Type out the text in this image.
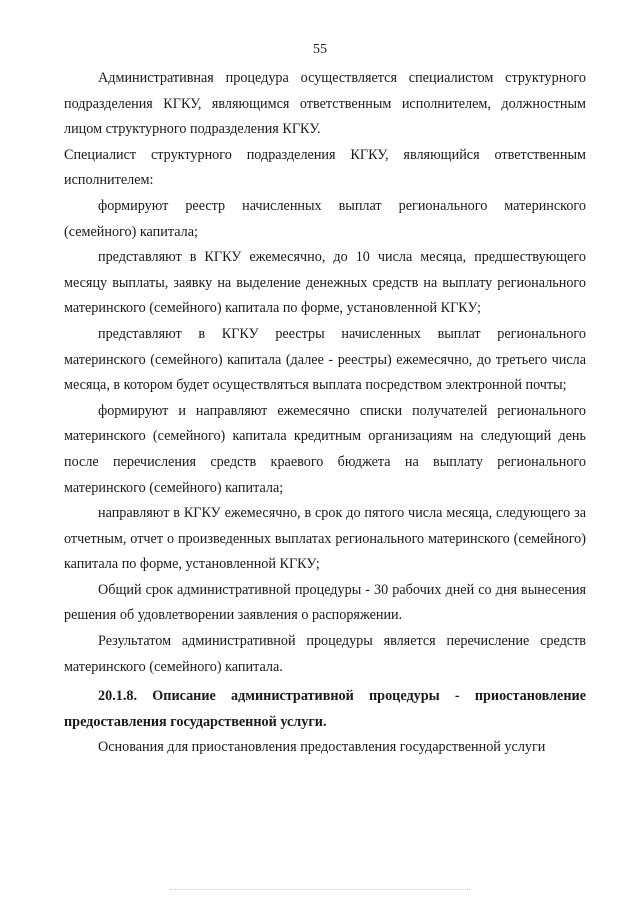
55

Административная процедура осуществляется специалистом структурного подразделения КГКУ, являющимся ответственным исполнителем, должностным лицом структурного подразделения КГКУ.

Специалист структурного подразделения КГКУ, являющийся ответственным исполнителем:

формируют реестр начисленных выплат регионального материнского (семейного) капитала;

представляют в КГКУ ежемесячно, до 10 числа месяца, предшествующего месяцу выплаты, заявку на выделение денежных средств на выплату регионального материнского (семейного) капитала по форме, установленной КГКУ;

представляют в КГКУ реестры начисленных выплат регионального материнского (семейного) капитала (далее - реестры) ежемесячно, до третьего числа месяца, в котором будет осуществляться выплата посредством электронной почты;

формируют и направляют ежемесячно списки получателей регионального материнского (семейного) капитала кредитным организациям на следующий день после перечисления средств краевого бюджета на выплату регионального материнского (семейного) капитала;

направляют в КГКУ ежемесячно, в срок до пятого числа месяца, следующего за отчетным, отчет о произведенных выплатах регионального материнского (семейного) капитала по форме, установленной КГКУ;

Общий срок административной процедуры - 30 рабочих дней со дня вынесения решения об удовлетворении заявления о распоряжении.

Результатом административной процедуры является перечисление средств материнского (семейного) капитала.

20.1.8. Описание административной процедуры - приостановление предоставления государственной услуги.

Основания для приостановления предоставления государственной услуги
